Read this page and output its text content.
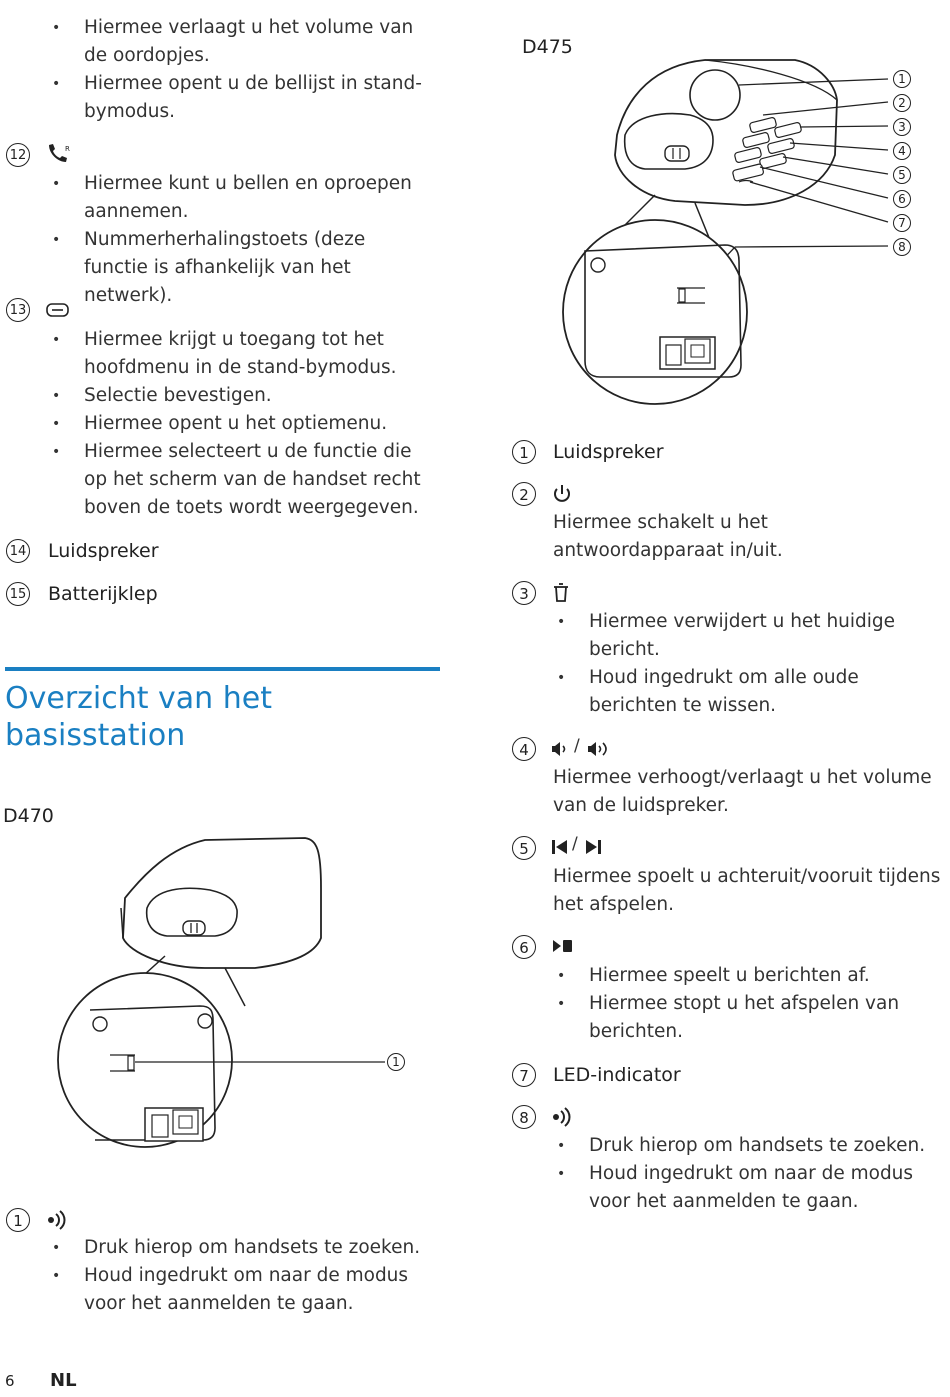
• Hiermee verlaagt u het volume van de oordopjes.
• Hiermee opent u de bellijst in stand-bymodus.
12	R
• Hiermee kunt u bellen en oproepen aannemen.
• Nummerherhalingstoets (deze functie is afhankelijk van het netwerk).
13
• Hiermee krijgt u toegang tot het hoofdmenu in de stand-bymodus.
• Selectie bevestigen.
• Hiermee opent u het optiemenu.
• Hiermee selecteert u de functie die op het scherm van de handset recht boven de toets wordt weergegeven.
14 Luidspreker
15 Batterijklep
Overzicht van het basisstation
D470
1
1
• Druk hierop om handsets te zoeken.
• Houd ingedrukt om naar de modus voor het aanmelden te gaan.
D475
1
2
3
4
5
6
7
8
1	Luidspreker
2
Hiermee schakelt u het antwoordapparaat in/uit.
3
• Hiermee verwijdert u het huidige bericht.
• Houd ingedrukt om alle oude berichten te wissen.
4	/
Hiermee verhoogt/verlaagt u het volume van de luidspreker.
5	/
Hiermee spoelt u achteruit/vooruit tijdens het afspelen.
6
• Hiermee speelt u berichten af.
• Hiermee stopt u het afspelen van berichten.
7	LED-indicator
8
• Druk hierop om handsets te zoeken.
• Houd ingedrukt om naar de modus voor het aanmelden te gaan.
6 NL
